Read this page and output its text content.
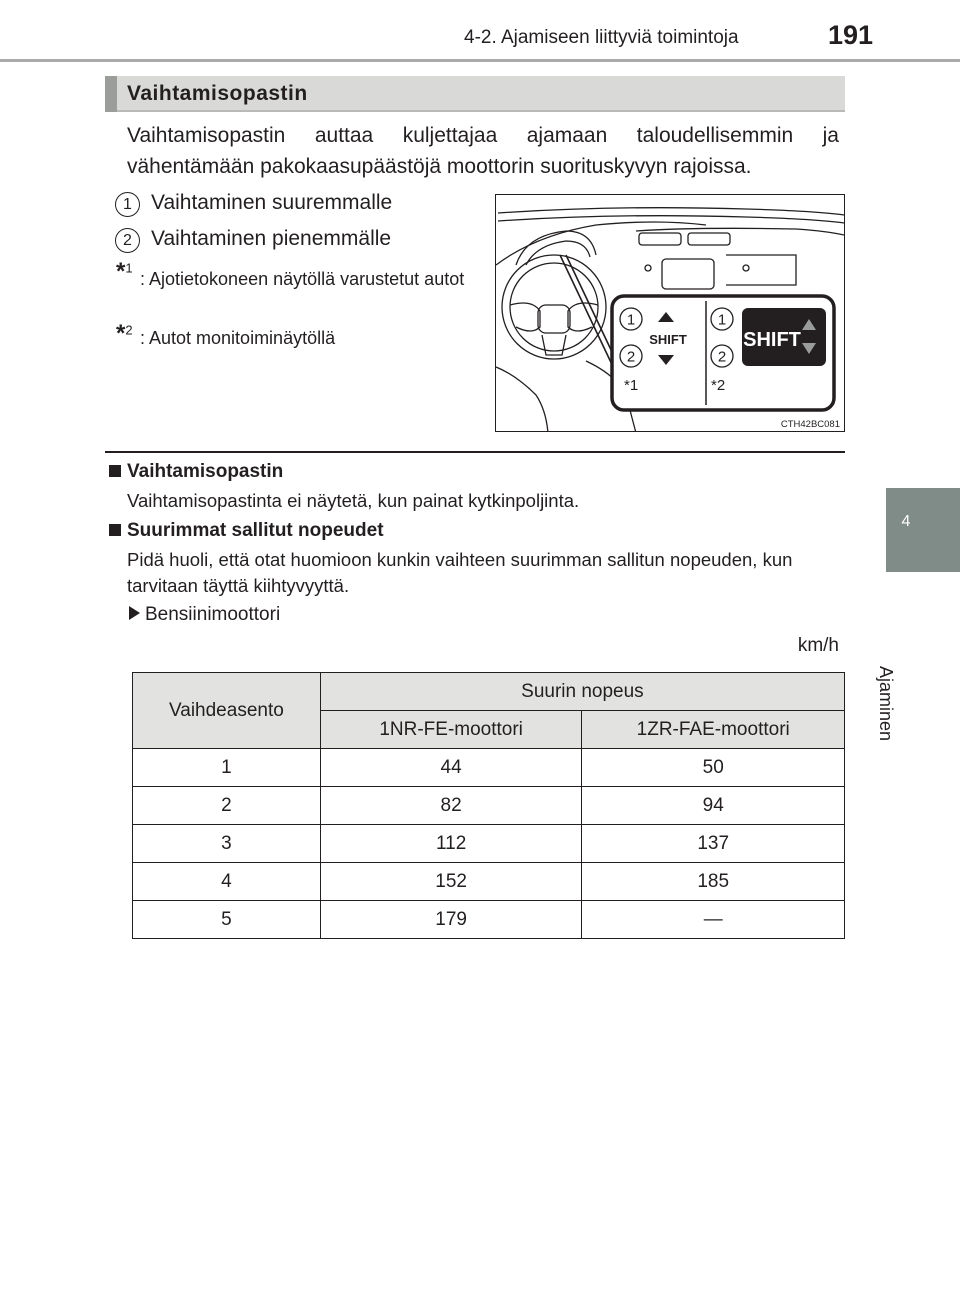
4-2. Ajamiseen liittyviä toimintoja	191
4
Ajaminen
Vaihtamisopastin
Vaihtamisopastin auttaa kuljettajaa ajamaan taloudellisemmin ja vähentämään pakokaasupäästöjä moottorin suorituskyvyn rajoissa.
1 Vaihtaminen suuremmalle
2 Vaihtaminen pienemmälle
*$^1$
: Ajotietokoneen näytöllä varustetut autot
*$^2$ : Autot monitoiminäytöllä
1
2
SHIFT
*1
1
2
SHIFT
*2
CTH42BC081
Vaihtamisopastin
Vaihtamisopastinta ei näytetä, kun painat kytkinpoljinta.
Suurimmat sallitut nopeudet
Pidä huoli, että otat huomioon kunkin vaihteen suurimman sallitun nopeuden, kun tarvitaan täyttä kiihtyvyyttä.
Bensiinimoottori
km/h
Vaihdeasento	Suurin nopeus	
	1NR-FE-moottori	1ZR-FAE-moottori
1	44	50
2	82	94
3	112	137
4	152	185
5	179	—
